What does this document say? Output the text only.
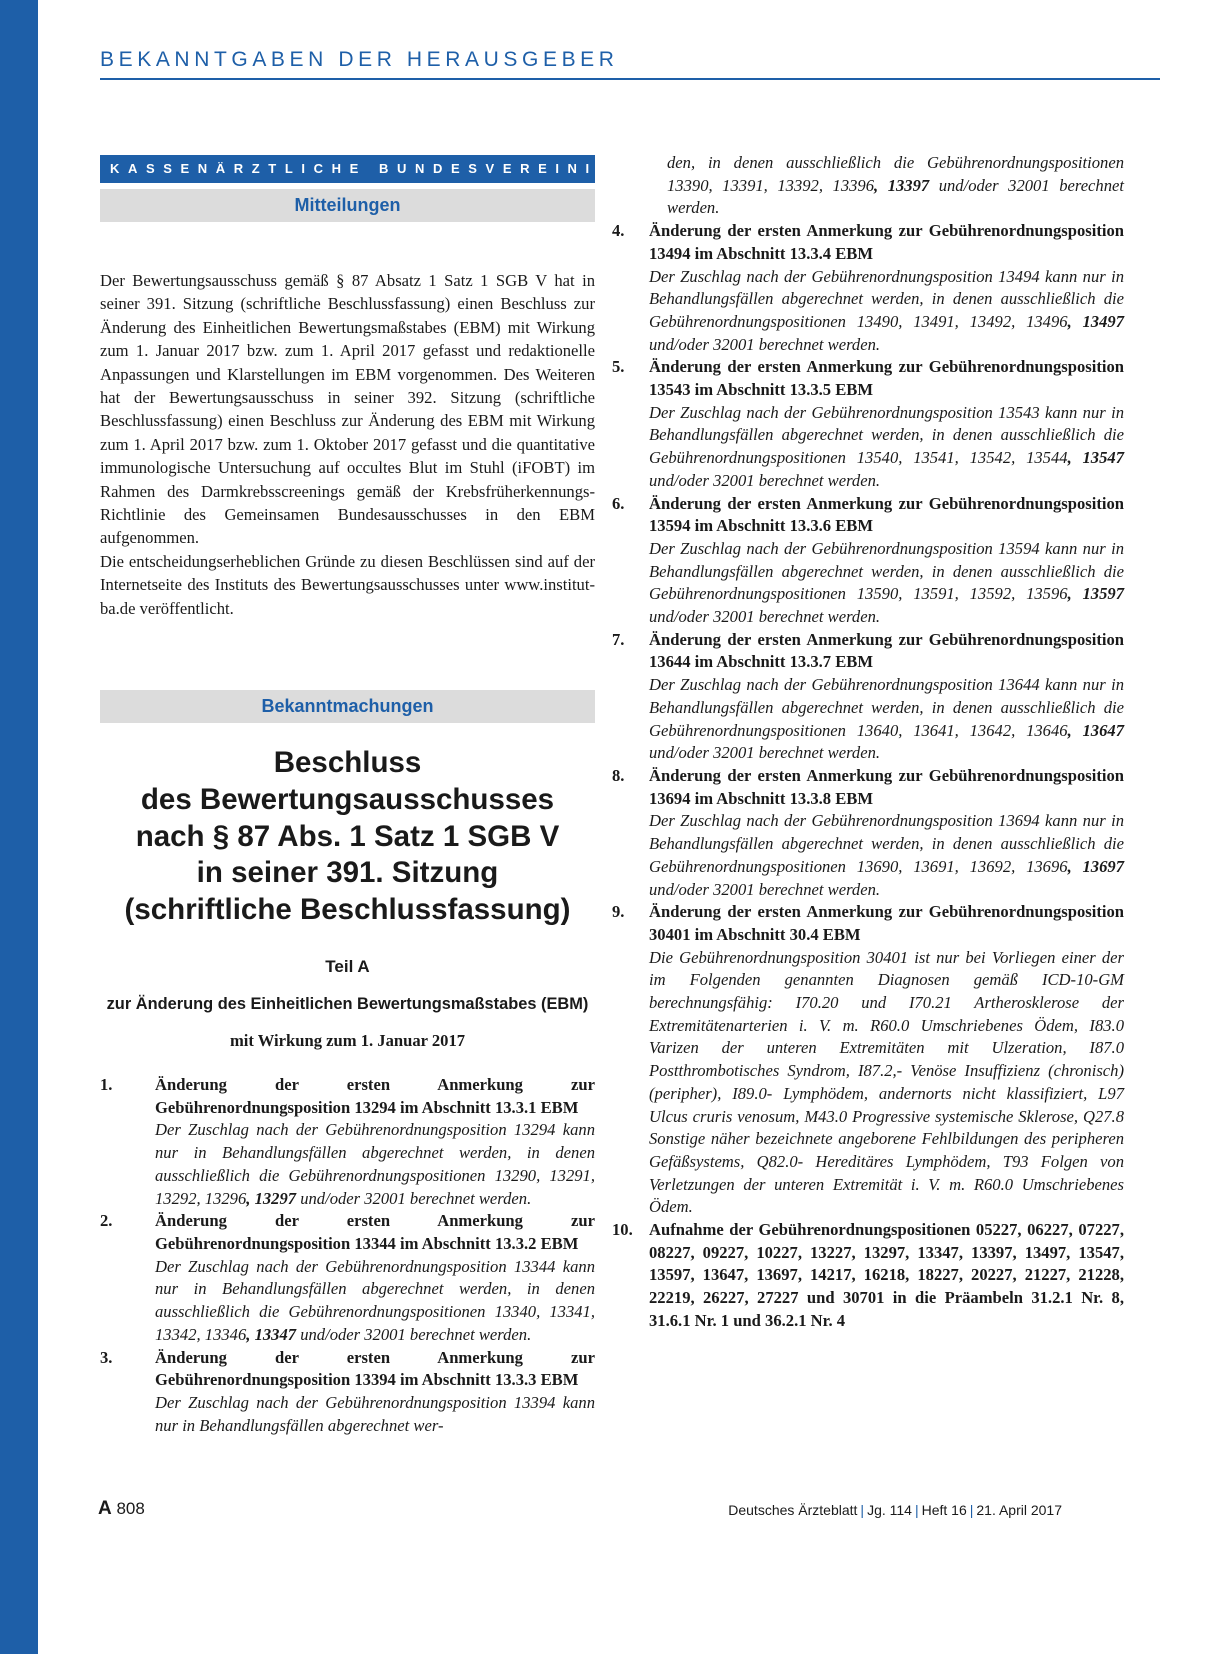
BEKANNTGABEN DER HERAUSGEBER
KASSENÄRZTLICHE BUNDESVEREINIGUNG
Mitteilungen
Der Bewertungsausschuss gemäß § 87 Absatz 1 Satz 1 SGB V hat in seiner 391. Sitzung (schriftliche Beschlussfassung) einen Beschluss zur Änderung des Einheitlichen Bewertungsmaßstabes (EBM) mit Wirkung zum 1. Januar 2017 bzw. zum 1. April 2017 gefasst und redaktionelle Anpassungen und Klarstellungen im EBM vorgenommen. Des Weiteren hat der Bewertungsausschuss in seiner 392. Sitzung (schriftliche Beschlussfassung) einen Beschluss zur Änderung des EBM mit Wirkung zum 1. April 2017 bzw. zum 1. Oktober 2017 gefasst und die quantitative immunologische Untersuchung auf occultes Blut im Stuhl (iFOBT) im Rahmen des Darmkrebsscreenings gemäß der Krebsfrüherkennungs-Richtlinie des Gemeinsamen Bundesausschusses in den EBM aufgenommen.
Die entscheidungserheblichen Gründe zu diesen Beschlüssen sind auf der Internetseite des Instituts des Bewertungsausschusses unter www.institut-ba.de veröffentlicht.
Bekanntmachungen
Beschluss
des Bewertungsausschusses
nach § 87 Abs. 1 Satz 1 SGB V
in seiner 391. Sitzung
(schriftliche Beschlussfassung)
Teil A
zur Änderung des Einheitlichen Bewertungsmaßstabes (EBM)
mit Wirkung zum 1. Januar 2017
1.	Änderung der ersten Anmerkung zur Gebührenordnungsposition 13294 im Abschnitt 13.3.1 EBM
Der Zuschlag nach der Gebührenordnungsposition 13294 kann nur in Behandlungsfällen abgerechnet werden, in denen ausschließlich die Gebührenordnungspositionen 13290, 13291, 13292, 13296, 13297 und/oder 32001 berechnet werden.
2.	Änderung der ersten Anmerkung zur Gebührenordnungsposition 13344 im Abschnitt 13.3.2 EBM
Der Zuschlag nach der Gebührenordnungsposition 13344 kann nur in Behandlungsfällen abgerechnet werden, in denen ausschließlich die Gebührenordnungspositionen 13340, 13341, 13342, 13346, 13347 und/oder 32001 berechnet werden.
3.	Änderung der ersten Anmerkung zur Gebührenordnungsposition 13394 im Abschnitt 13.3.3 EBM
Der Zuschlag nach der Gebührenordnungsposition 13394 kann nur in Behandlungsfällen abgerechnet wer-
den, in denen ausschließlich die Gebührenordnungspositionen 13390, 13391, 13392, 13396, 13397 und/oder 32001 berechnet werden.
4. Änderung der ersten Anmerkung zur Gebührenordnungsposition 13494 im Abschnitt 13.3.4 EBM
Der Zuschlag nach der Gebührenordnungsposition 13494 kann nur in Behandlungsfällen abgerechnet werden, in denen ausschließlich die Gebührenordnungspositionen 13490, 13491, 13492, 13496, 13497 und/oder 32001 berechnet werden.
5. Änderung der ersten Anmerkung zur Gebührenordnungsposition 13543 im Abschnitt 13.3.5 EBM
Der Zuschlag nach der Gebührenordnungsposition 13543 kann nur in Behandlungsfällen abgerechnet werden, in denen ausschließlich die Gebührenordnungspositionen 13540, 13541, 13542, 13544, 13547 und/oder 32001 berechnet werden.
6. Änderung der ersten Anmerkung zur Gebührenordnungsposition 13594 im Abschnitt 13.3.6 EBM
Der Zuschlag nach der Gebührenordnungsposition 13594 kann nur in Behandlungsfällen abgerechnet werden, in denen ausschließlich die Gebührenordnungspositionen 13590, 13591, 13592, 13596, 13597 und/oder 32001 berechnet werden.
7. Änderung der ersten Anmerkung zur Gebührenordnungsposition 13644 im Abschnitt 13.3.7 EBM
Der Zuschlag nach der Gebührenordnungsposition 13644 kann nur in Behandlungsfällen abgerechnet werden, in denen ausschließlich die Gebührenordnungspositionen 13640, 13641, 13642, 13646, 13647 und/oder 32001 berechnet werden.
8. Änderung der ersten Anmerkung zur Gebührenordnungsposition 13694 im Abschnitt 13.3.8 EBM
Der Zuschlag nach der Gebührenordnungsposition 13694 kann nur in Behandlungsfällen abgerechnet werden, in denen ausschließlich die Gebührenordnungspositionen 13690, 13691, 13692, 13696, 13697 und/oder 32001 berechnet werden.
9. Änderung der ersten Anmerkung zur Gebührenordnungsposition 30401 im Abschnitt 30.4 EBM
Die Gebührenordnungsposition 30401 ist nur bei Vorliegen einer der im Folgenden genannten Diagnosen gemäß ICD-10-GM berechnungsfähig: I70.20 und I70.21 Artherosklerose der Extremitätenarterien i. V. m. R60.0 Umschriebenes Ödem, I83.0 Varizen der unteren Extremitäten mit Ulzeration, I87.0 Postthrombotisches Syndrom, I87.2,- Venöse Insuffizienz (chronisch) (peripher), I89.0- Lymphödem, andernorts nicht klassifiziert, L97 Ulcus cruris venosum, M43.0 Progressive systemische Sklerose, Q27.8 Sonstige näher bezeichnete angeborene Fehlbildungen des peripheren Gefäßsystems, Q82.0- Hereditäres Lymphödem, T93 Folgen von Verletzungen der unteren Extremität i. V. m. R60.0 Umschriebenes Ödem.
10. Aufnahme der Gebührenordnungspositionen 05227, 06227, 07227, 08227, 09227, 10227, 13227, 13297, 13347, 13397, 13497, 13547, 13597, 13647, 13697, 14217, 16218, 18227, 20227, 21227, 21228, 22219, 26227, 27227 und 30701 in die Präambeln 31.2.1 Nr. 8, 31.6.1 Nr. 1 und 36.2.1 Nr. 4
A 808	Deutsches Ärzteblatt | Jg. 114 | Heft 16 | 21. April 2017
